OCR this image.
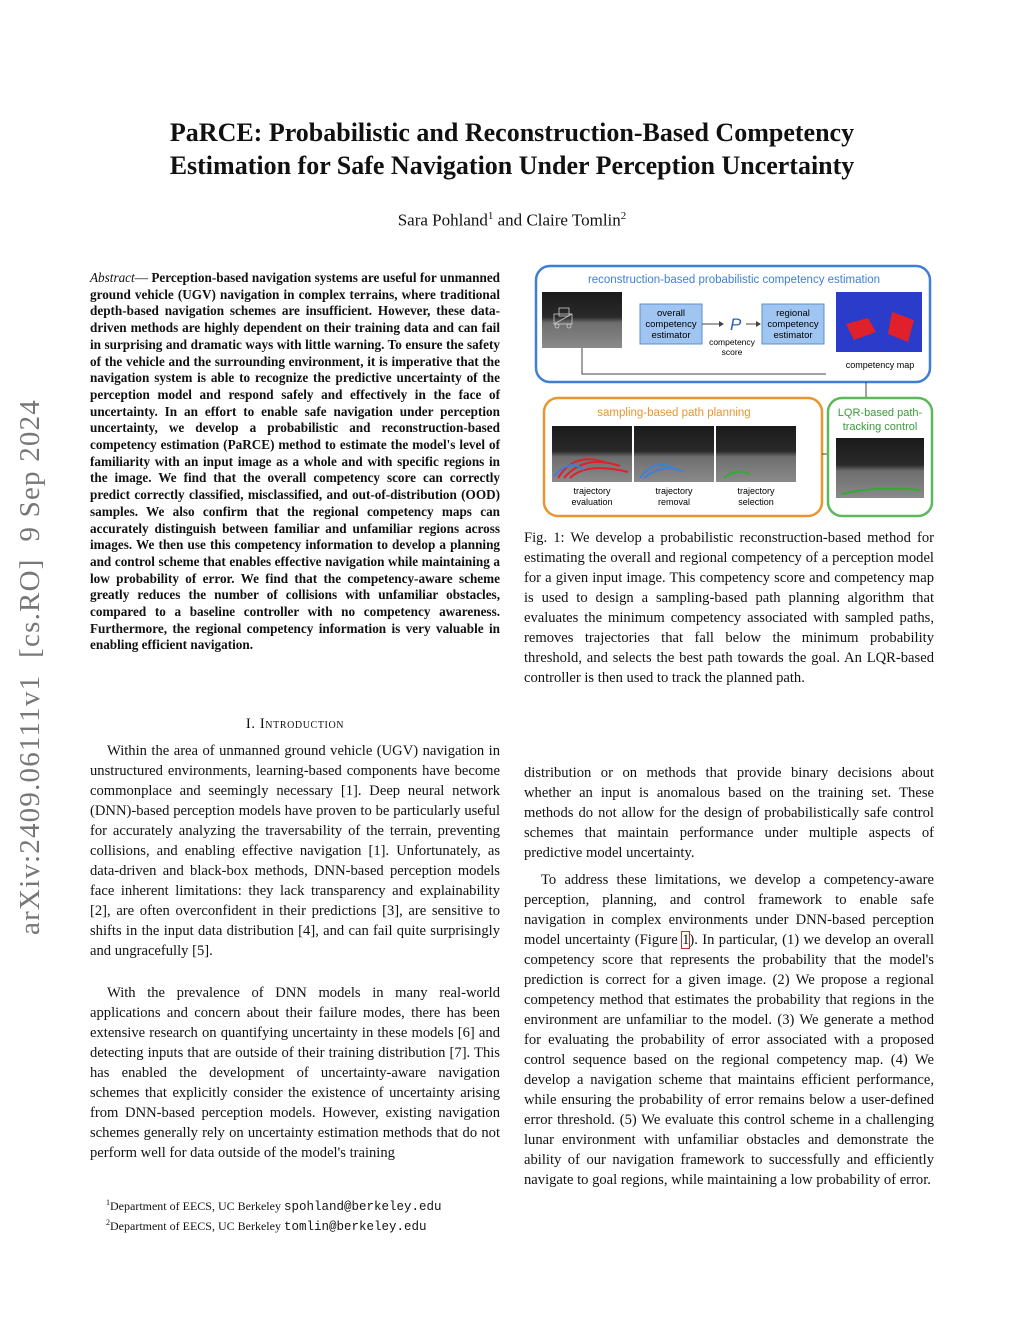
PaRCE: Probabilistic and Reconstruction-Based Competency
Estimation for Safe Navigation Under Perception Uncertainty
Sara Pohland$^1$ and Claire Tomlin$^2$
arXiv:2409.06111v1  [cs.RO]  9 Sep 2024
Abstract— Perception-based navigation systems are useful for unmanned ground vehicle (UGV) navigation in complex terrains, where traditional depth-based navigation schemes are insufficient. However, these data-driven methods are highly dependent on their training data and can fail in surprising and dramatic ways with little warning. To ensure the safety of the vehicle and the surrounding environment, it is imperative that the navigation system is able to recognize the predictive uncertainty of the perception model and respond safely and effectively in the face of uncertainty. In an effort to enable safe navigation under perception uncertainty, we develop a probabilistic and reconstruction-based competency estimation (PaRCE) method to estimate the model's level of familiarity with an input image as a whole and with specific regions in the image. We find that the overall competency score can correctly predict correctly classified, misclassified, and out-of-distribution (OOD) samples. We also confirm that the regional competency maps can accurately distinguish between familiar and unfamiliar regions across images. We then use this competency information to develop a planning and control scheme that enables effective navigation while maintaining a low probability of error. We find that the competency-aware scheme greatly reduces the number of collisions with unfamiliar obstacles, compared to a baseline controller with no competency awareness. Furthermore, the regional competency information is very valuable in enabling efficient navigation.
I. Introduction

Within the area of unmanned ground vehicle (UGV) navigation in unstructured environments, learning-based components have become commonplace and seemingly necessary [1]. Deep neural network (DNN)-based perception models have proven to be particularly useful for accurately analyzing the traversability of the terrain, preventing collisions, and enabling effective navigation [1]. Unfortunately, as data-driven and black-box methods, DNN-based perception models face inherent limitations: they lack transparency and explainability [2], are often overconfident in their predictions [3], are sensitive to shifts in the input data distribution [4], and can fail quite surprisingly and ungracefully [5].

With the prevalence of DNN models in many real-world applications and concern about their failure modes, there has been extensive research on quantifying uncertainty in these models [6] and detecting inputs that are outside of their training distribution [7]. This has enabled the development of uncertainty-aware navigation schemes that explicitly consider the existence of uncertainty arising from DNN-based perception models. However, existing navigation schemes generally rely on uncertainty estimation methods that do not perform well for data outside of the model's training

$^1$Department of EECS, UC Berkeley spohland@berkeley.edu
$^2$Department of EECS, UC Berkeley tomlin@berkeley.edu
reconstruction-based probabilistic competency estimation
overall
competency
estimator
P
competency
score
regional
competency
estimator
competency map
sampling-based path planning
trajectory
evaluation
trajectory
removal
trajectory
selection
LQR-based path-
tracking control

Fig. 1: We develop a probabilistic reconstruction-based method for estimating the overall and regional competency of a perception model for a given input image. This competency score and competency map is used to design a sampling-based path planning algorithm that evaluates the minimum competency associated with sampled paths, removes trajectories that fall below the minimum probability threshold, and selects the best path towards the goal. An LQR-based controller is then used to track the planned path.

distribution or on methods that provide binary decisions about whether an input is anomalous based on the training set. These methods do not allow for the design of probabilistically safe control schemes that maintain performance under multiple aspects of predictive model uncertainty.

To address these limitations, we develop a competency-aware perception, planning, and control framework to enable safe navigation in complex environments under DNN-based perception model uncertainty (Figure 1). In particular, (1) we develop an overall competency score that represents the probability that the model's prediction is correct for a given image. (2) We propose a regional competency method that estimates the probability that regions in the environment are unfamiliar to the model. (3) We generate a method for evaluating the probability of error associated with a proposed control sequence based on the regional competency map. (4) We develop a navigation scheme that maintains efficient performance, while ensuring the probability of error remains below a user-defined error threshold. (5) We evaluate this control scheme in a challenging lunar environment with unfamiliar obstacles and demonstrate the ability of our navigation framework to successfully and efficiently navigate to goal regions, while maintaining a low probability of error.
